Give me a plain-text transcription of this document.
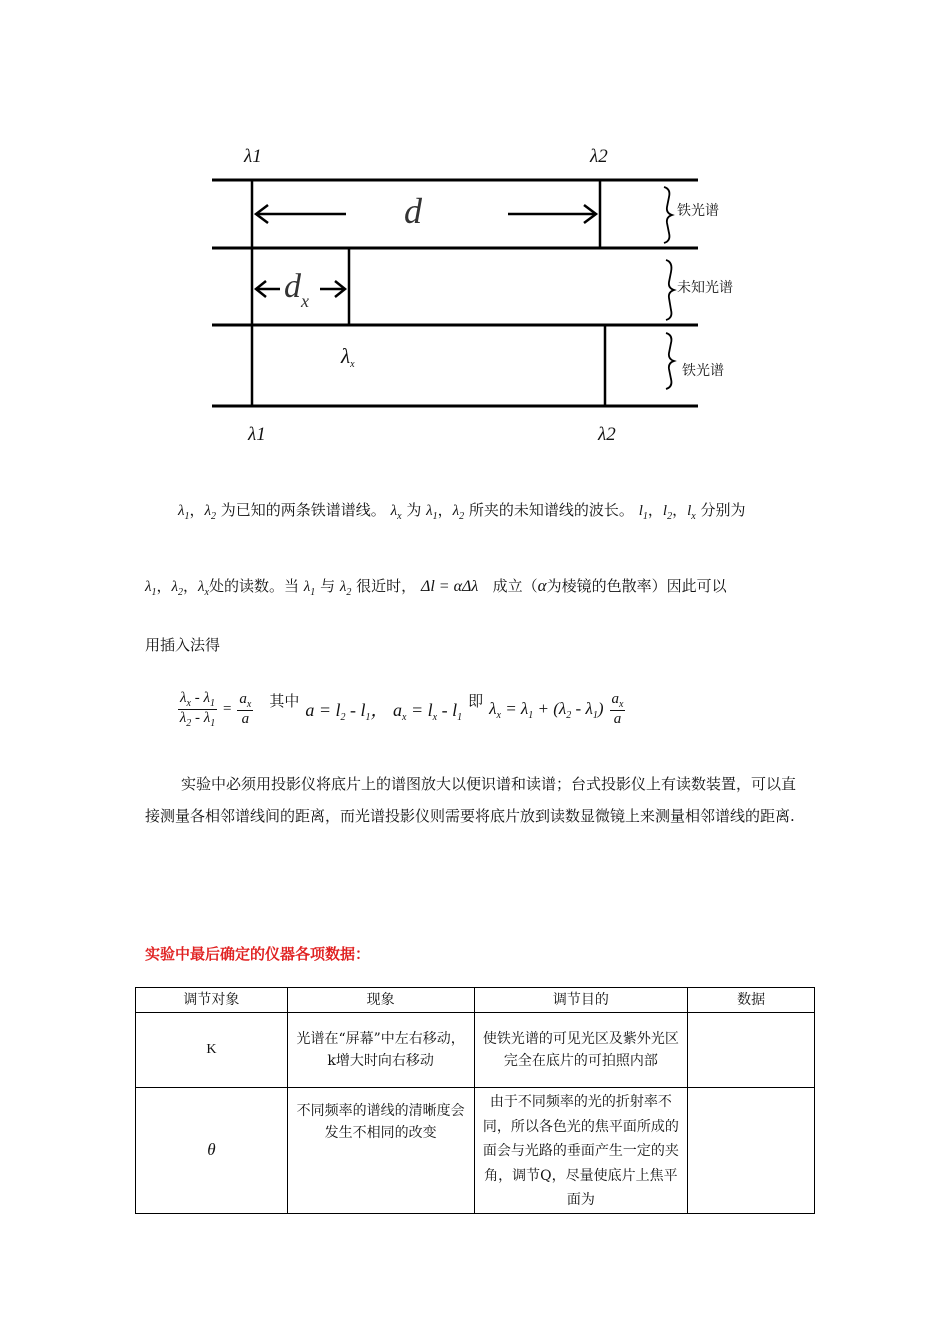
λ1	λ2
λ1	λ2
d
$d_x$
$\lambda_x$
铁光谱
未知光谱
铁光谱
$\lambda_1$，$\lambda_2$ 为已知的两条铁谱谱线。 $\lambda_x$ 为 $\lambda_1$，$\lambda_2$ 所夹的未知谱线的波长。 $l_1$，$l_2$，$l_x$ 分别为
$\lambda_1$，$\lambda_2$，$\lambda_x$处的读数。当 $\lambda_1$ 与 $\lambda_2$ 很近时， Δl = αΔλ 成立（α为棱镜的色散率）因此可以
用插入法得
$\frac{\lambda_x - \lambda_1}{\lambda_2 - \lambda_1} = \frac{a_x}{a}$ 其中 $a = l_2 - l_1$， $a_x = l_x - l_1$
即 $\lambda_x = \lambda_1 + (\lambda_2 - \lambda_1) \frac{a_x}{a}$
实验中必须用投影仪将底片上的谱图放大以便识谱和读谱；台式投影仪上有读数装置，可以直接测量各相邻谱线间的距离，而光谱投影仪则需要将底片放到读数显微镜上来测量相邻谱线的距离.
实验中最后确定的仪器各项数据：
调节对象	现象	调节目的	数据
K	光谱在“屏幕”中左右移动，k增大时向右移动	使铁光谱的可见光区及紫外光区完全在底片的可拍照内部	
θ	不同频率的谱线的清晰度会发生不相同的改变	由于不同频率的光的折射率不同，所以各色光的焦平面所成的面会与光路的垂面产生一定的夹角，调节Q，尽量使底片上焦平面为	
